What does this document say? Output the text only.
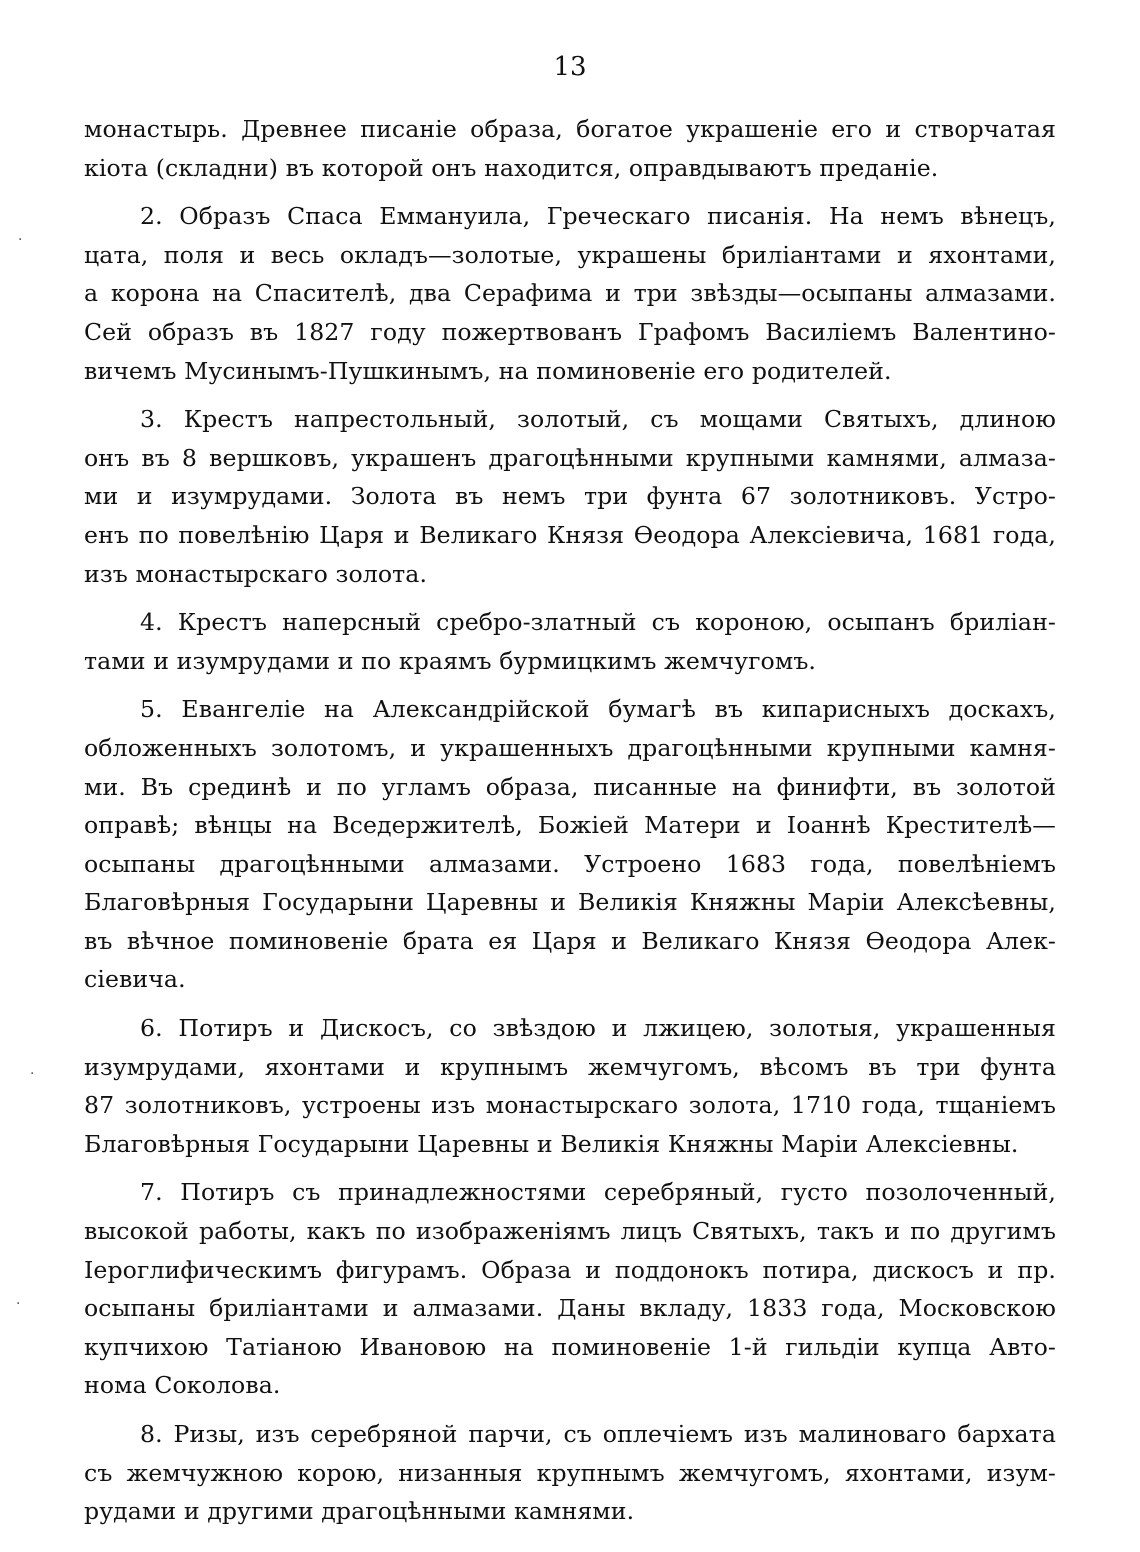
13
монастырь. Древнее писаніе образа, богатое украшеніе его и створчатая
кіота (складни) въ которой онъ находится, оправдываютъ преданіе.
2. Образъ Спаса Еммануила, Греческаго писанія. На немъ вѣнецъ,
цата, поля и весь окладъ—золотые, украшены бриліантами и яхонтами,
а корона на Спасителѣ, два Серафима и три звѣзды—осыпаны алмазами.
Сей образъ въ 1827 году пожертвованъ Графомъ Василіемъ Валентино-
вичемъ Мусинымъ-Пушкинымъ, на поминовеніе его родителей.
3. Крестъ напрестольный, золотый, съ мощами Святыхъ, длиною
онъ въ 8 вершковъ, украшенъ драгоцѣнными крупными камнями, алмаза-
ми и изумрудами. Золота въ немъ три фунта 67 золотниковъ. Устро-
енъ по повелѣнію Царя и Великаго Князя Өеодора Алексіевича, 1681 года,
изъ монастырскаго золота.
4. Крестъ наперсный сребро-златный съ короною, осыпанъ бриліан-
тами и изумрудами и по краямъ бурмицкимъ жемчугомъ.
5. Евангеліе на Александрійской бумагѣ въ кипарисныхъ доскахъ,
обложенныхъ золотомъ, и украшенныхъ драгоцѣнными крупными камня-
ми. Въ срединѣ и по угламъ образа, писанные на финифти, въ золотой
оправѣ; вѣнцы на Вседержителѣ, Божіей Матери и Іоаннѣ Крестителѣ—
осыпаны драгоцѣнными алмазами. Устроено 1683 года, повелѣніемъ
Благовѣрныя Государыни Царевны и Великія Княжны Маріи Алексѣевны,
въ вѣчное поминовеніе брата ея Царя и Великаго Князя Өеодора Алек-
сіевича.
6. Потиръ и Дискосъ, со звѣздою и лжицею, золотыя, украшенныя
изумрудами, яхонтами и крупнымъ жемчугомъ, вѣсомъ въ три фунта
87 золотниковъ, устроены изъ монастырскаго золота, 1710 года, тщаніемъ
Благовѣрныя Государыни Царевны и Великія Княжны Маріи Алексіевны.
7. Потиръ съ принадлежностями серебряный, густо позолоченный,
высокой работы, какъ по изображеніямъ лицъ Святыхъ, такъ и по другимъ
Іероглифическимъ фигурамъ. Образа и поддонокъ потира, дискосъ и пр.
осыпаны бриліантами и алмазами. Даны вкладу, 1833 года, Московскою
купчихою Татіаною Ивановою на поминовеніе 1-й гильдіи купца Авто-
нома Соколова.
8. Ризы, изъ серебряной парчи, съ оплечіемъ изъ малиноваго бархата
съ жемчужною корою, низанныя крупнымъ жемчугомъ, яхонтами, изум-
рудами и другими драгоцѣнными камнями.
·
·
·
